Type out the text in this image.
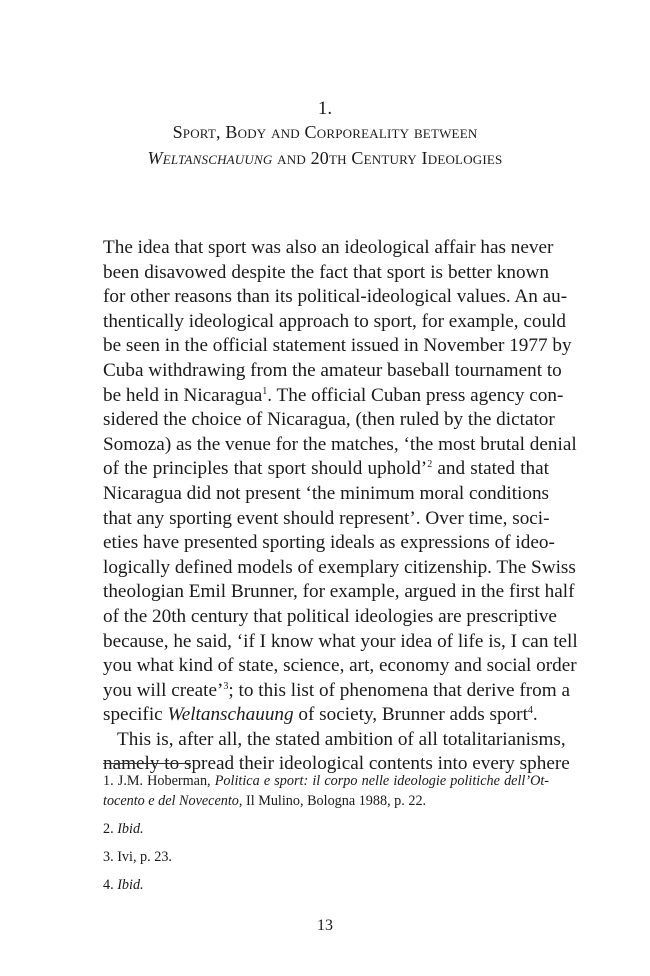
1.
Sport, Body and Corporeality between
Weltanschauung and 20th Century Ideologies
The idea that sport was also an ideological affair has never
been disavowed despite the fact that sport is better known
for other reasons than its political-ideological values. An au-
thentically ideological approach to sport, for example, could
be seen in the official statement issued in November 1977 by
Cuba withdrawing from the amateur baseball tournament to
be held in Nicaragua$^1$. The official Cuban press agency con-
sidered the choice of Nicaragua, (then ruled by the dictator
Somoza) as the venue for the matches, ‘the most brutal denial
of the principles that sport should uphold’$^2$ and stated that
Nicaragua did not present ‘the minimum moral conditions
that any sporting event should represent’. Over time, soci-
eties have presented sporting ideals as expressions of ideo-
logically defined models of exemplary citizenship. The Swiss
theologian Emil Brunner, for example, argued in the first half
of the 20th century that political ideologies are prescriptive
because, he said, ‘if I know what your idea of life is, I can tell
you what kind of state, science, art, economy and social order
you will create’$^3$; to this list of phenomena that derive from a
specific Weltanschauung of society, Brunner adds sport$^4$.
This is, after all, the stated ambition of all totalitarianisms,
namely to spread their ideological contents into every sphere
1. J.M. Hoberman, Politica e sport: il corpo nelle ideologie politiche dell’Ot-
tocento e del Novecento, Il Mulino, Bologna 1988, p. 22.
2. Ibid.
3. Ivi, p. 23.
4. Ibid.
13
